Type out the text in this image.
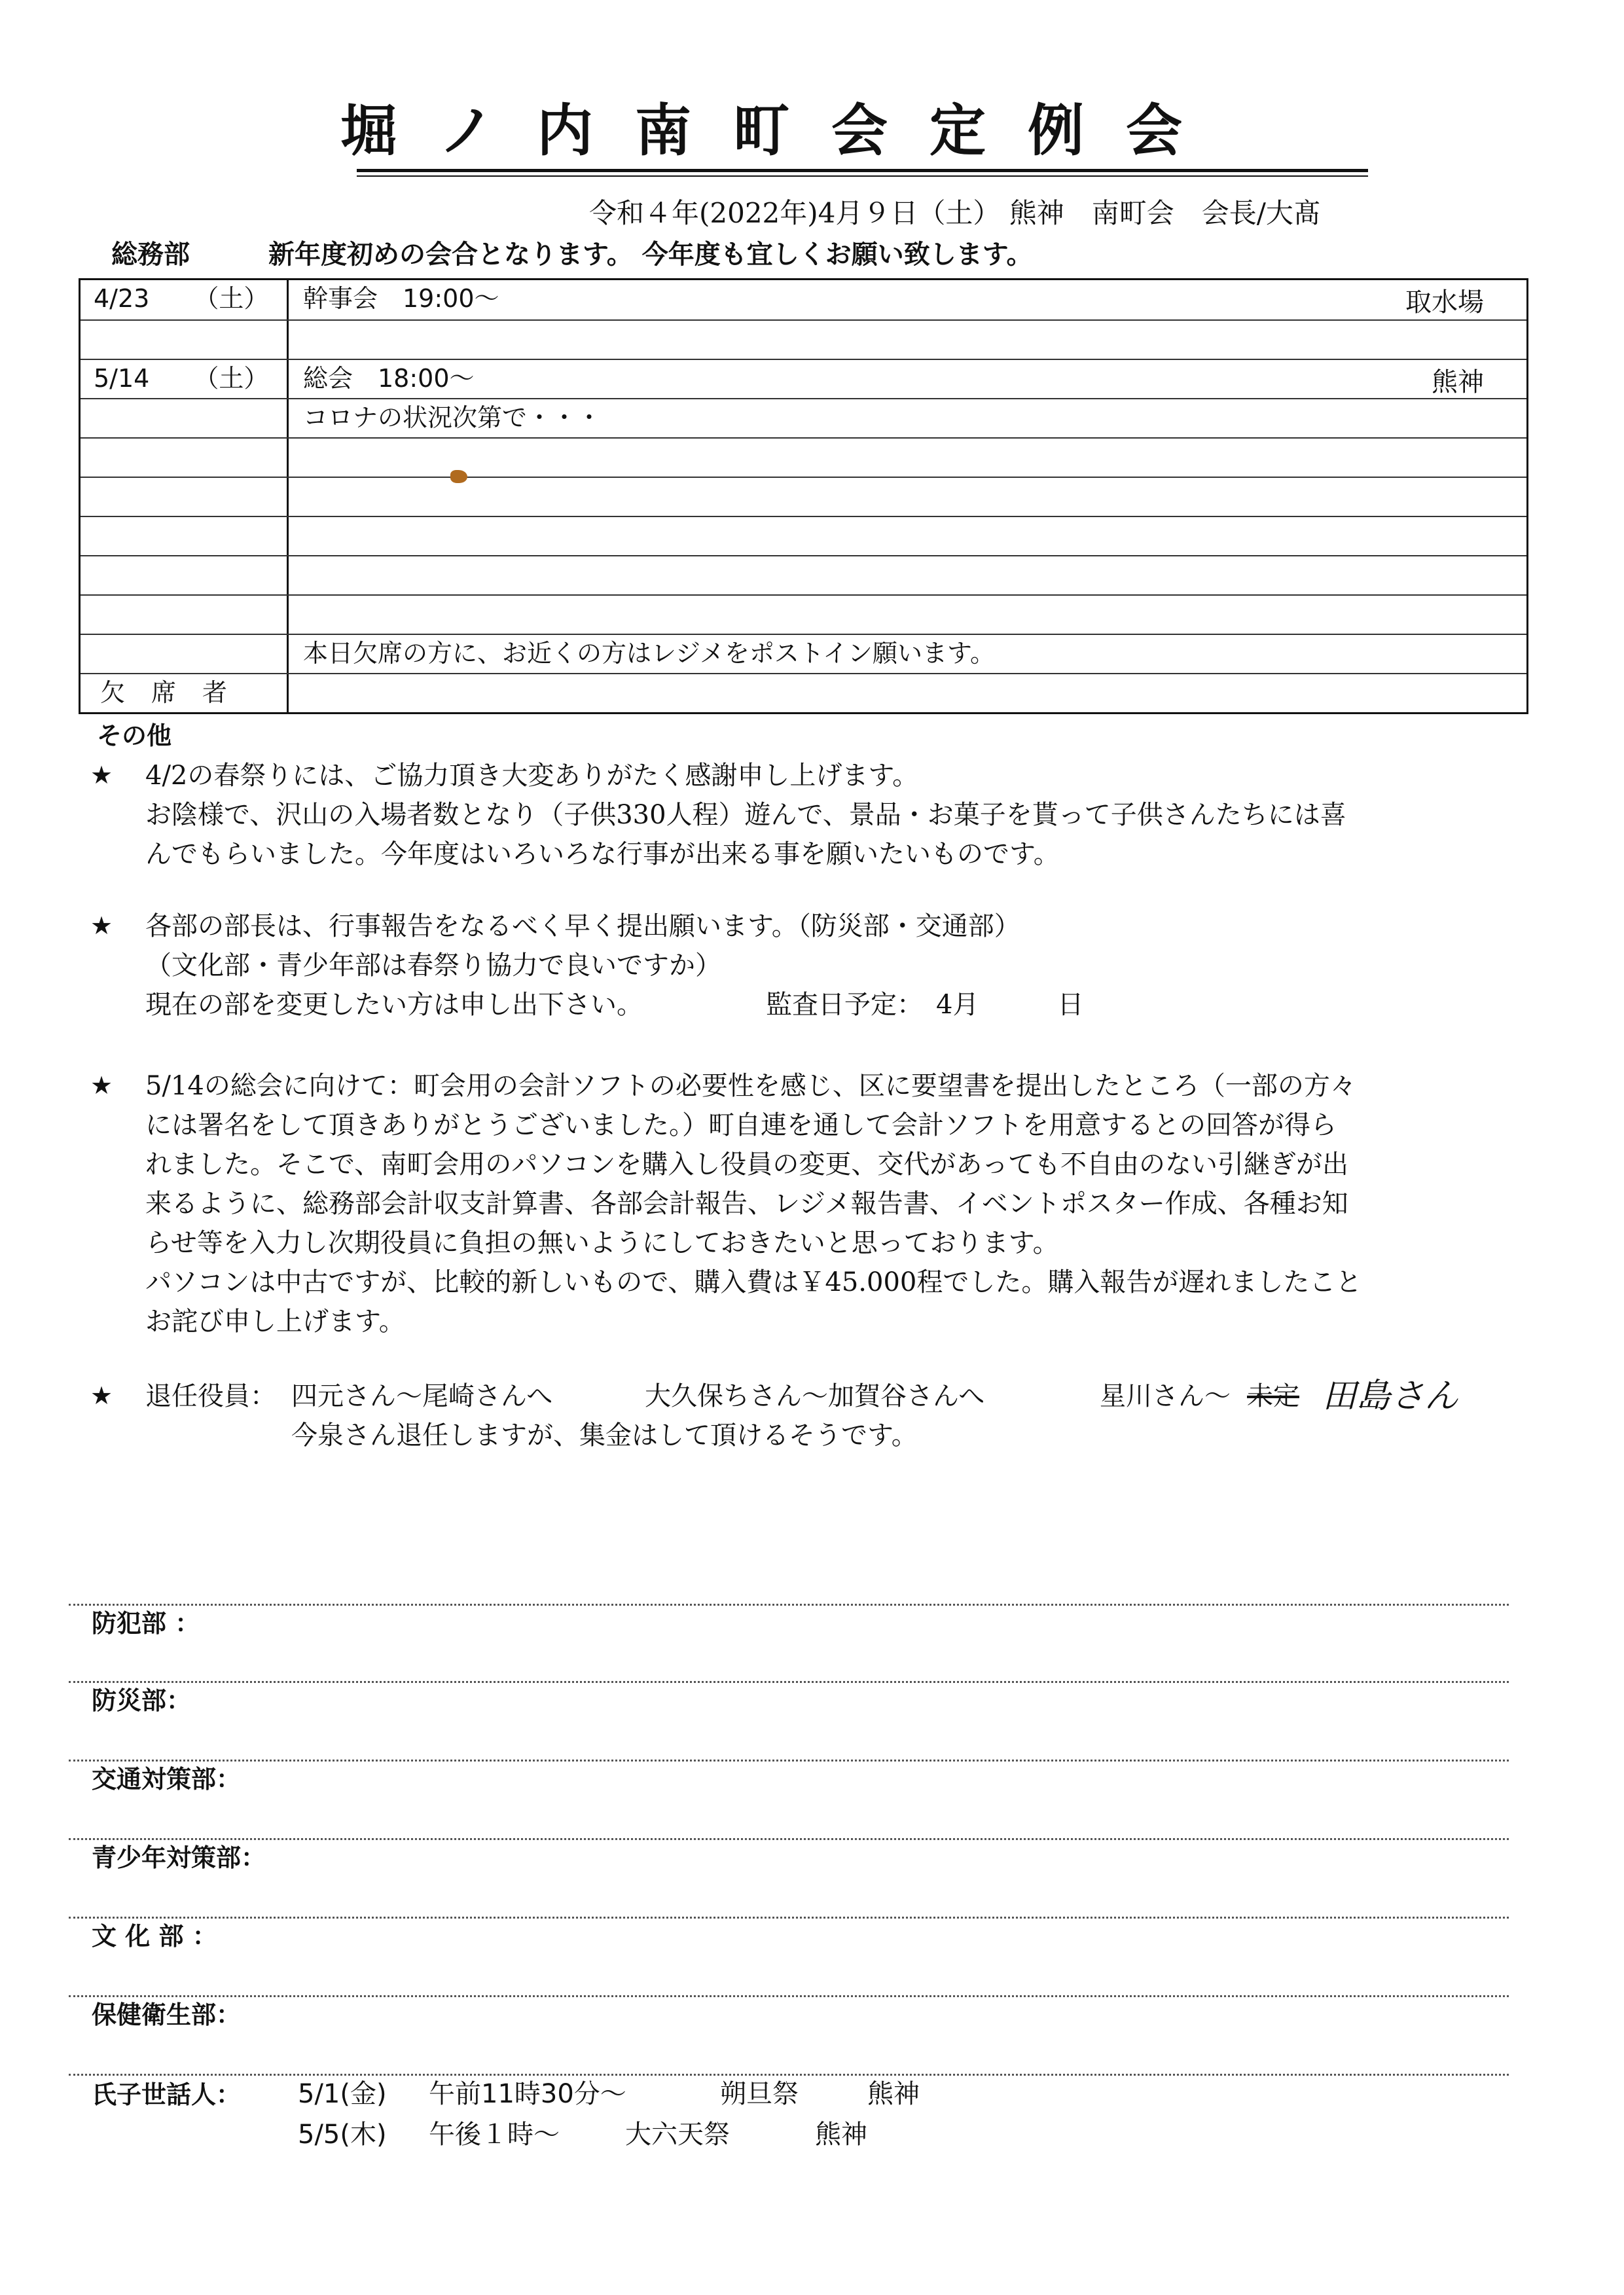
堀ノ内南町会定例会
令和４年(2022年)4月９日（土） 熊神　南町会　会長/大髙
総務部	新年度初めの会合となります。 今年度も宜しくお願い致します。
4/23 （土）	幹事会　19:00～	取水場
5/14 （土）	総会　18:00～	熊神
コロナの状況次第で・・・
本日欠席の方に、お近くの方はレジメをポストイン願います。
欠席者
その他
★ 4/2の春祭りには、ご協力頂き大変ありがたく感謝申し上げます。
お陰様で、沢山の入場者数となり（子供330人程）遊んで、景品・お菓子を貰って子供さんたちには喜
んでもらいました。今年度はいろいろな行事が出来る事を願いたいものです。
★ 各部の部長は、行事報告をなるべく早く提出願います。（防災部・交通部）
（文化部・青少年部は春祭り協力で良いですか）
現在の部を変更したい方は申し出下さい。	監査日予定：　4月　　　日
★ 5/14の総会に向けて：町会用の会計ソフトの必要性を感じ、区に要望書を提出したところ（一部の方々
には署名をして頂きありがとうございました。）町自連を通して会計ソフトを用意するとの回答が得ら
れました。そこで、南町会用のパソコンを購入し役員の変更、交代があっても不自由のない引継ぎが出
来るように、総務部会計収支計算書、各部会計報告、レジメ報告書、イベントポスター作成、各種お知
らせ等を入力し次期役員に負担の無いようにしておきたいと思っております。
パソコンは中古ですが、比較的新しいもので、購入費は￥45.000程でした。購入報告が遅れましたこと
お詫び申し上げます。
★ 退任役員： 四元さん～尾崎さんへ	大久保ちさん～加賀谷さんへ	星川さん～ 未定 田島さん
今泉さん退任しますが、集金はして頂けるそうです。
防犯部 ：
防災部：
交通対策部：
青少年対策部：
文 化 部 ：
保健衛生部：
氏子世話人： 5/1(金) 午前11時30分～	朔旦祭	熊神
5/5(木) 午後１時～	大六天祭	熊神
